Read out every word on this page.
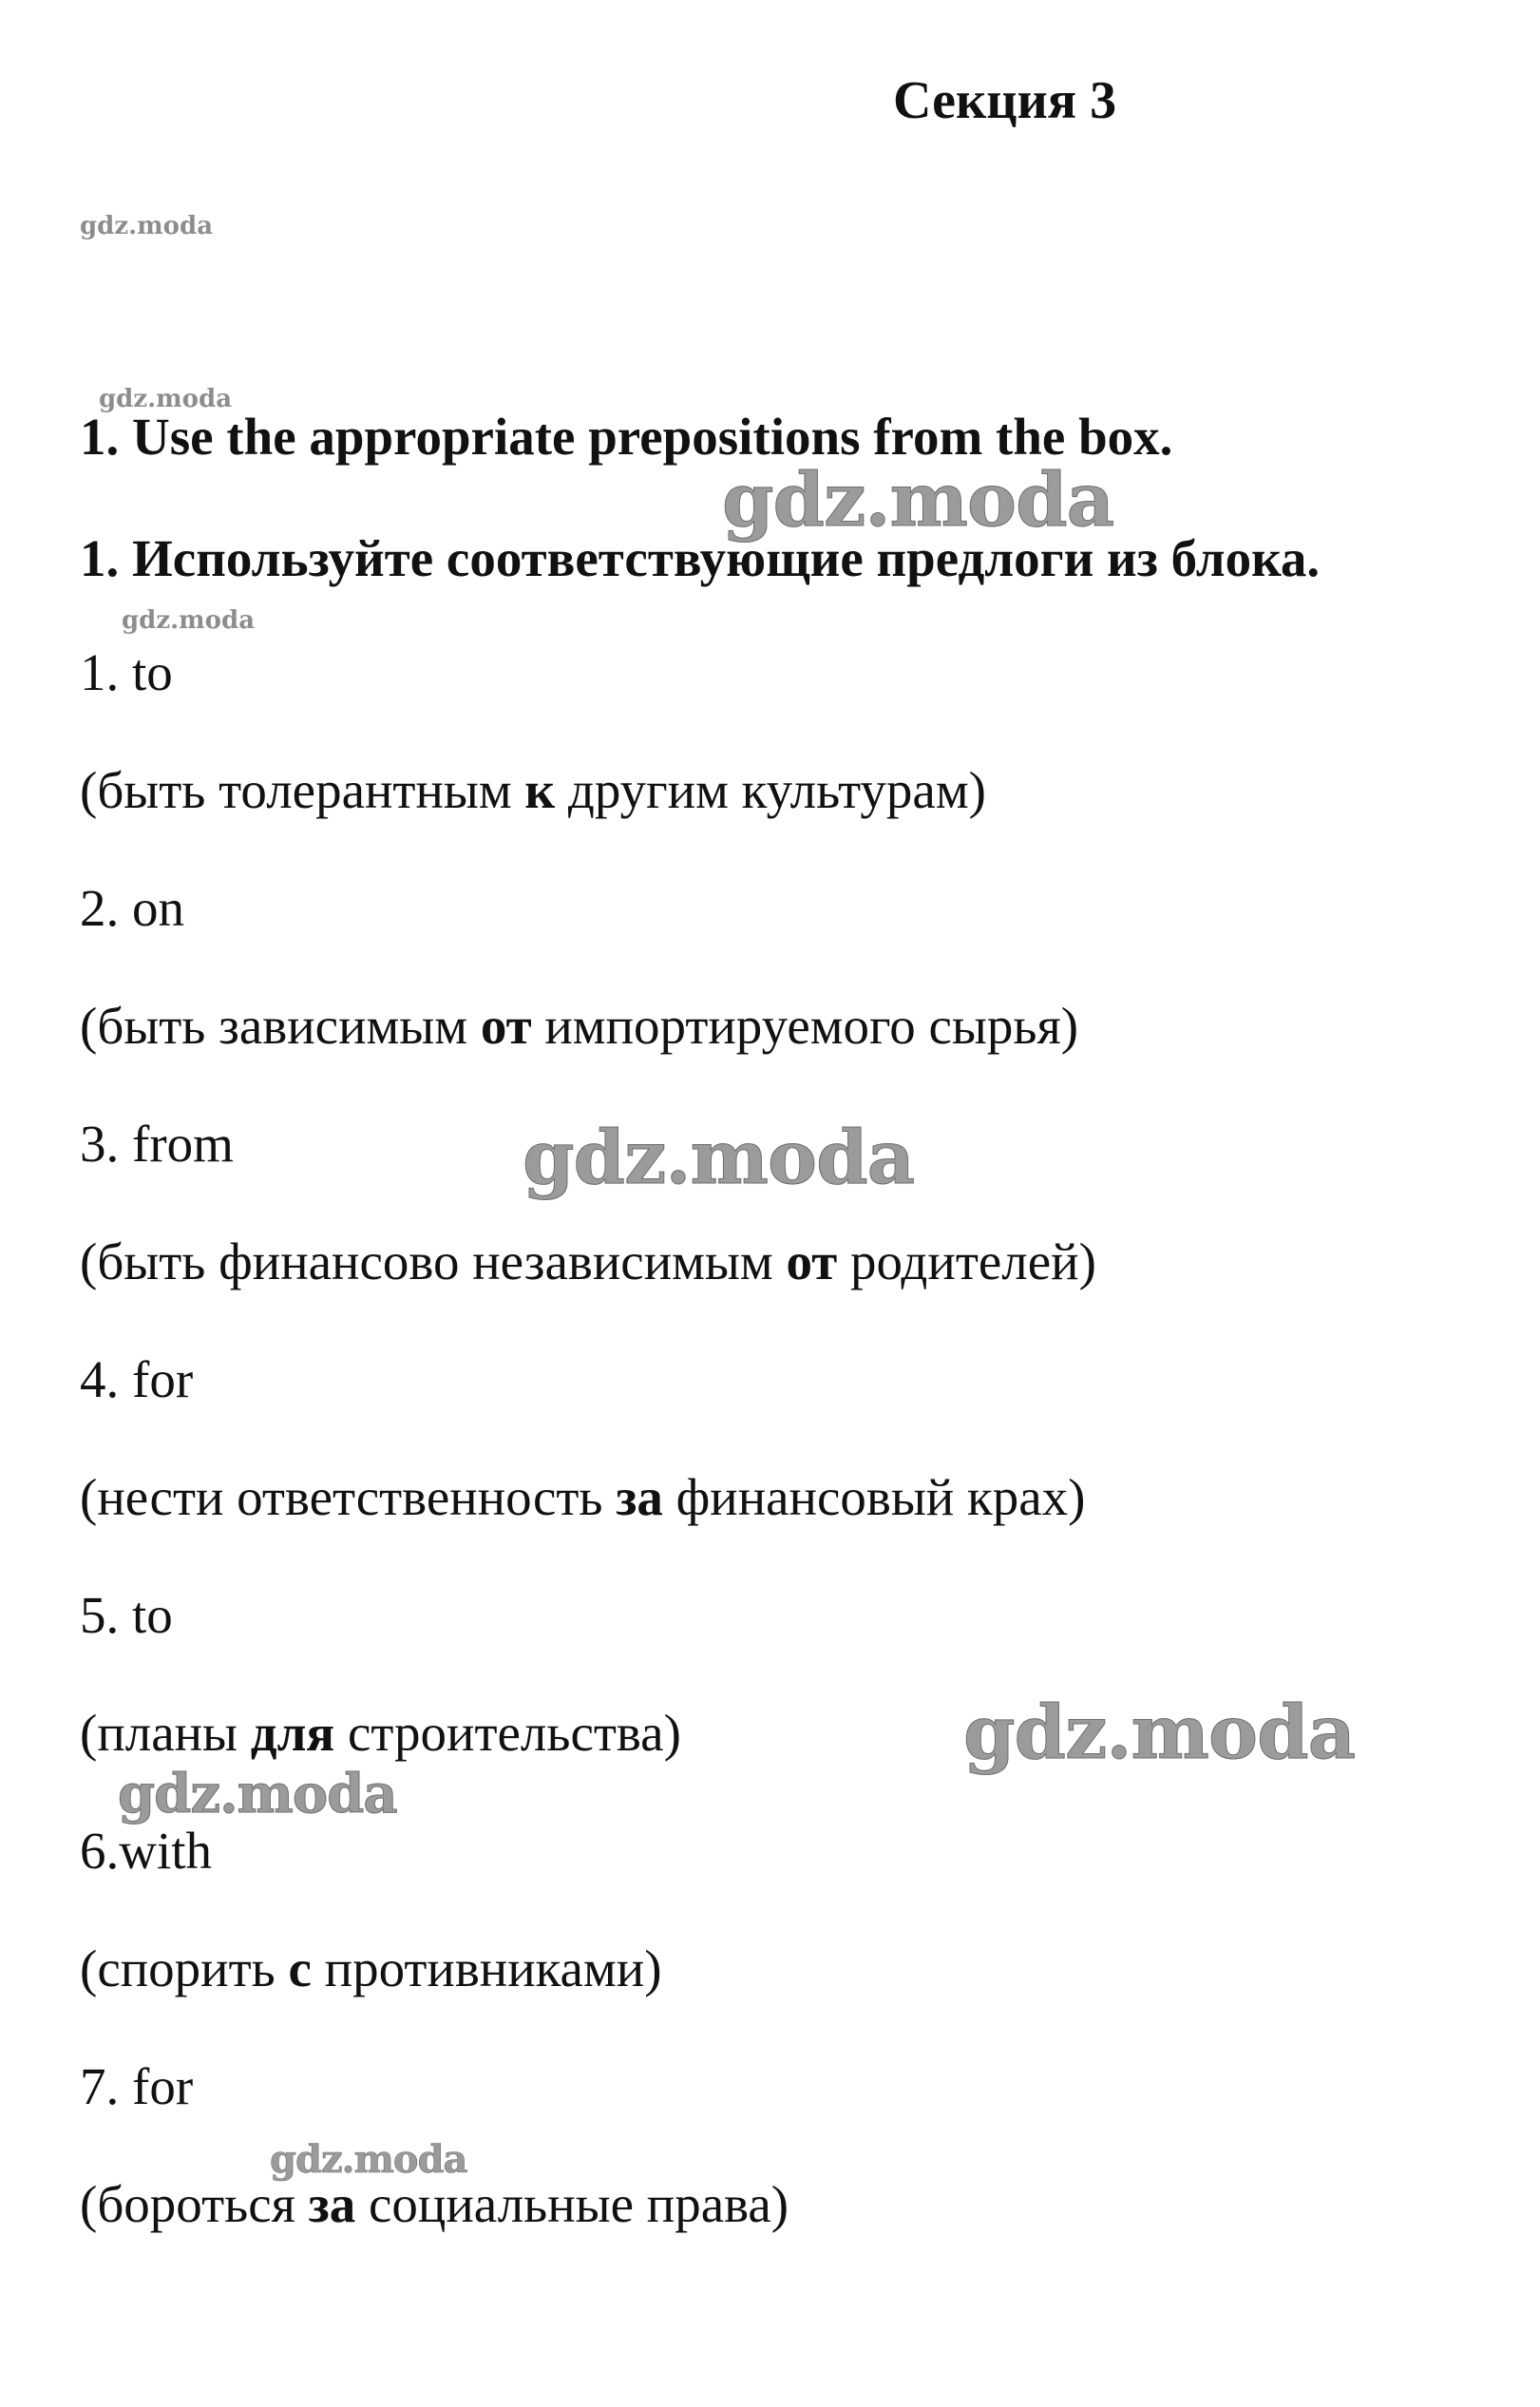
Секция 3
1. Use the appropriate prepositions from the box.
1. Используйте соответствующие предлоги из блока.
1. to
(быть толерантным к другим культурам)
2. on
(быть зависимым от импортируемого сырья)
3. from
(быть финансово независимым от родителей)
4. for
(нести ответственность за финансовый крах)
5. to
(планы для строительства)
6.with
(спорить с противниками)
7. for
(бороться за социальные права)
gdz.moda
gdz.moda
gdz.moda
gdz.moda
gdz.moda
gdz.moda
gdz.moda
gdz.moda
